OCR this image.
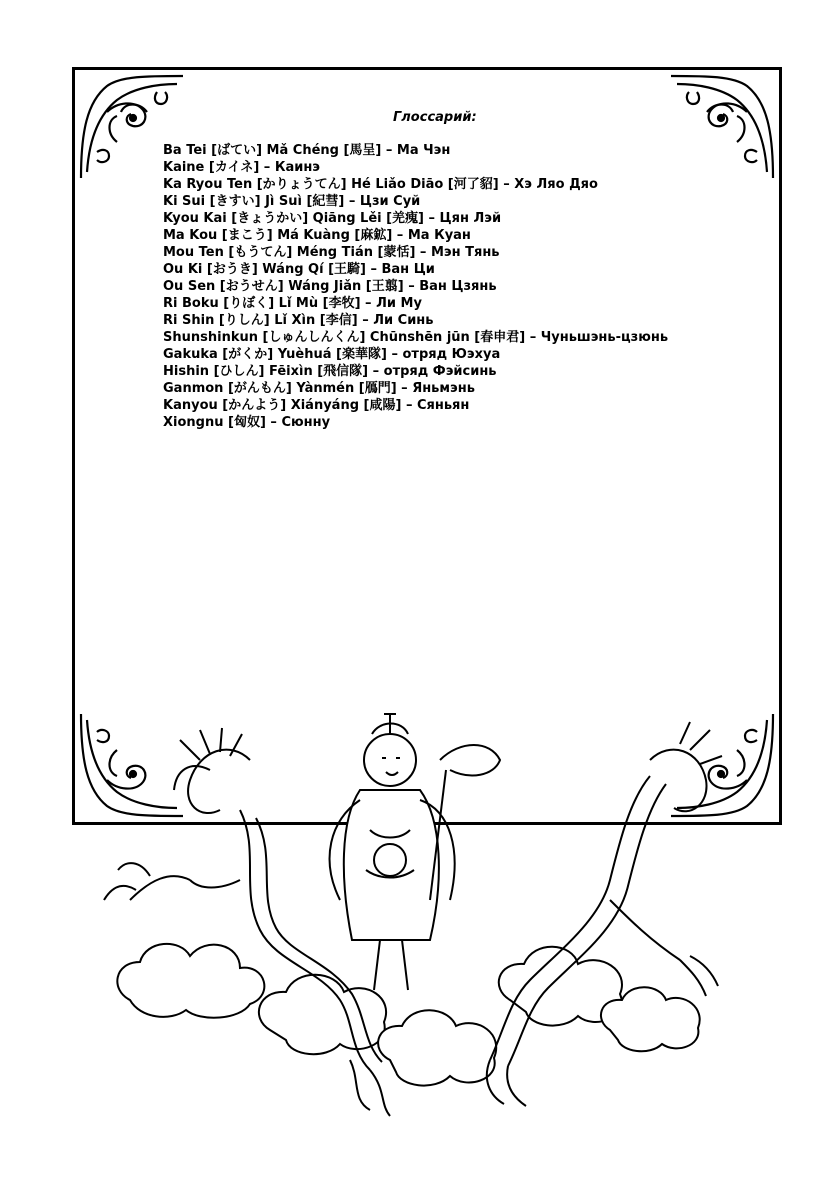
Глоссарий:
Ba Tei [ばてい] Mǎ Chéng [馬呈] – Ма Чэн
Kaine [カイネ] – Каинэ
Ka Ryou Ten [かりょうてん] Hé Liǎo Diāo [河了貂] – Хэ Ляо Дяо
Ki Sui [きすい] Jì Suì [紀彗] – Цзи Суй
Kyou Kai [きょうかい] Qiāng Lěi [羌瘣] – Цян Лэй
Ma Kou [まこう] Má Kuàng [麻鉱] – Ма Куан
Mou Ten [もうてん] Méng Tián [蒙恬] – Мэн Тянь
Ou Ki [おうき] Wáng Qí [王騎] – Ван Ци
Ou Sen [おうせん] Wáng Jiǎn [王翦] – Ван Цзянь
Ri Boku [りぼく] Lǐ Mù [李牧] – Ли Му
Ri Shin [りしん] Lǐ Xìn [李信] – Ли Синь
Shunshinkun [しゅんしんくん] Chūnshēn jūn [春申君] – Чуньшэнь-цзюнь
Gakuka [がくか] Yuèhuá [楽華隊] – отряд Юэхуа
Hishin [ひしん] Fēixìn [飛信隊] – отряд Фэйсинь
Ganmon [がんもん] Yànmén [鴈門] – Яньмэнь
Kanyou [かんよう] Xiányáng [咸陽] – Сяньян
Xiongnu [匈奴] – Сюнну
